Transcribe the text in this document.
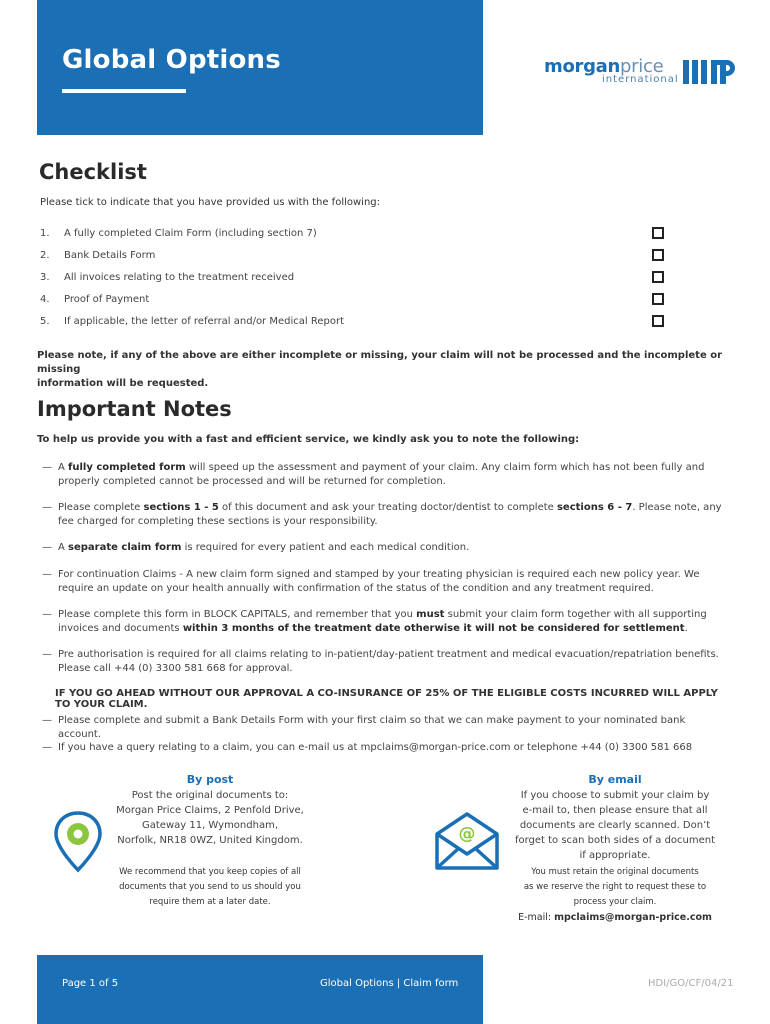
Global Options	morganprice
international
Checklist
Please tick to indicate that you have provided us with the following:
1. A fully completed Claim Form (including section 7)
2. Bank Details Form
3. All invoices relating to the treatment received
4. Proof of Payment
5. If applicable, the letter of referral and/or Medical Report
Please note, if any of the above are either incomplete or missing, your claim will not be processed and the incomplete or missing
information will be requested.
Important Notes
To help us provide you with a fast and efficient service, we kindly ask you to note the following:
— A fully completed form will speed up the assessment and payment of your claim. Any claim form which has not been fully and properly completed cannot be processed and will be returned for completion.
— Please complete sections 1 - 5 of this document and ask your treating doctor/dentist to complete sections 6 - 7. Please note, any fee charged for completing these sections is your responsibility.
— A separate claim form is required for every patient and each medical condition.
— For continuation Claims - A new claim form signed and stamped by your treating physician is required each new policy year. We require an update on your health annually with confirmation of the status of the condition and any treatment required.
— Please complete this form in BLOCK CAPITALS, and remember that you must submit your claim form together with all supporting invoices and documents within 3 months of the treatment date otherwise it will not be considered for settlement.
— Pre authorisation is required for all claims relating to in-patient/day-patient treatment and medical evacuation/repatriation benefits. Please call +44 (0) 3300 581 668 for approval.
IF YOU GO AHEAD WITHOUT OUR APPROVAL A CO-INSURANCE OF 25% OF THE ELIGIBLE COSTS INCURRED WILL APPLY TO YOUR CLAIM.
— Please complete and submit a Bank Details Form with your first claim so that we can make payment to your nominated bank account.
— If you have a query relating to a claim, you can e-mail us at mpclaims@morgan-price.com or telephone +44 (0) 3300 581 668
By post
Post the original documents to:
Morgan Price Claims, 2 Penfold Drive,
Gateway 11, Wymondham,
Norfolk, NR18 0WZ, United Kingdom.
We recommend that you keep copies of all
documents that you send to us should you
require them at a later date.
@
By email
If you choose to submit your claim by
e-mail to, then please ensure that all
documents are clearly scanned. Don’t
forget to scan both sides of a document
if appropriate.
You must retain the original documents
as we reserve the right to request these to
process your claim.
E-mail: mpclaims@morgan-price.com
Page 1 of 5	Global Options | Claim form	HDI/GO/CF/04/21
